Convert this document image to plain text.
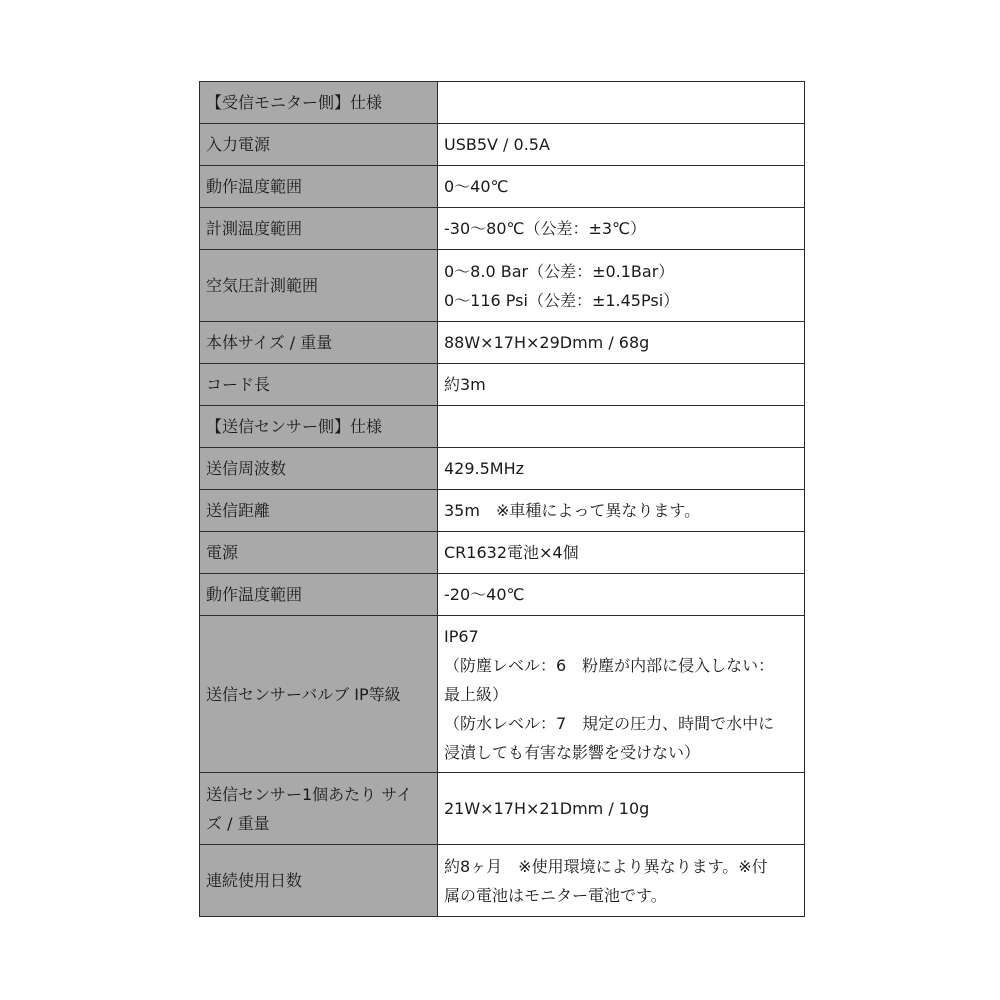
【受信モニター側】仕様	

入力電源	USB5V / 0.5A

動作温度範囲	0～40℃

計測温度範囲	-30～80℃（公差：±3℃）

空気圧計測範囲	0～8.0 Bar（公差：±0.1Bar）
0～116 Psi（公差：±1.45Psi）

本体サイズ / 重量	88W×17H×29Dmm / 68g

コード長	約3m

【送信センサー側】仕様	

送信周波数	429.5MHz

送信距離	35m　※車種によって異なります。

電源	CR1632電池×4個

動作温度範囲	-20～40℃

送信センサーバルブ IP等級	IP67
（防塵レベル：6　粉塵が内部に侵入しない：
最上級）
（防水レベル：7　規定の圧力、時間で水中に
浸漬しても有害な影響を受けない）

送信センサー1個あたり サイ
ズ / 重量	21W×17H×21Dmm / 10g

連続使用日数	約8ヶ月　※使用環境により異なります。※付
属の電池はモニター電池です。
